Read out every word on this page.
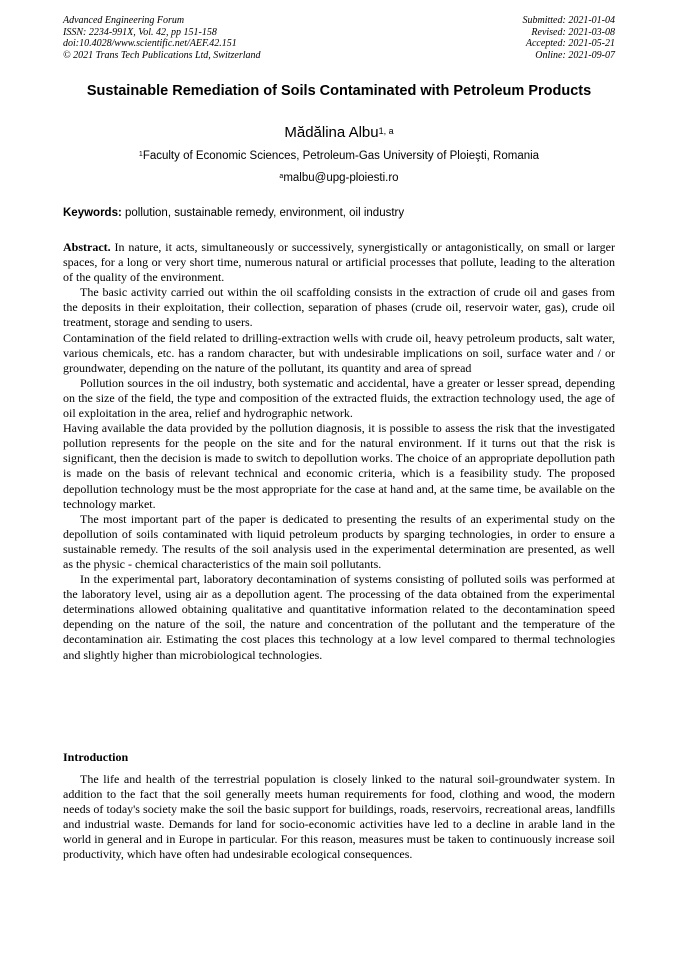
Advanced Engineering Forum
ISSN: 2234-991X, Vol. 42, pp 151-158
doi:10.4028/www.scientific.net/AEF.42.151
© 2021 Trans Tech Publications Ltd, Switzerland
Submitted: 2021-01-04
Revised: 2021-03-08
Accepted: 2021-05-21
Online: 2021-09-07
Sustainable Remediation of Soils Contaminated with Petroleum Products
Mădălina Albu$^{1, a}$
$^1$Faculty of Economic Sciences, Petroleum-Gas University of Ploieşti, Romania
$^a$malbu@upg-ploiesti.ro
Keywords: pollution, sustainable remedy, environment, oil industry

Abstract. In nature, it acts, simultaneously or successively, synergistically or antagonistically, on small or larger spaces, for a long or very short time, numerous natural or artificial processes that pollute, leading to the alteration of the quality of the environment.

The basic activity carried out within the oil scaffolding consists in the extraction of crude oil and gases from the deposits in their exploitation, their collection, separation of phases (crude oil, reservoir water, gas), crude oil treatment, storage and sending to users.

Contamination of the field related to drilling-extraction wells with crude oil, heavy petroleum products, salt water, various chemicals, etc. has a random character, but with undesirable implications on soil, surface water and / or groundwater, depending on the nature of the pollutant, its quantity and area of spread

Pollution sources in the oil industry, both systematic and accidental, have a greater or lesser spread, depending on the size of the field, the type and composition of the extracted fluids, the extraction technology used, the age of oil exploitation in the area, relief and hydrographic network.

Having available the data provided by the pollution diagnosis, it is possible to assess the risk that the investigated pollution represents for the people on the site and for the natural environment. If it turns out that the risk is significant, then the decision is made to switch to depollution works. The choice of an appropriate depollution path is made on the basis of relevant technical and economic criteria, which is a feasibility study. The proposed depollution technology must be the most appropriate for the case at hand and, at the same time, be available on the technology market.

The most important part of the paper is dedicated to presenting the results of an experimental study on the depollution of soils contaminated with liquid petroleum products by sparging technologies, in order to ensure a sustainable remedy. The results of the soil analysis used in the experimental determination are presented, as well as the physic - chemical characteristics of the main soil pollutants.

In the experimental part, laboratory decontamination of systems consisting of polluted soils was performed at the laboratory level, using air as a depollution agent. The processing of the data obtained from the experimental determinations allowed obtaining qualitative and quantitative information related to the decontamination speed depending on the nature of the soil, the nature and concentration of the pollutant and the temperature of the decontamination air. Estimating the cost places this technology at a low level compared to thermal technologies and slightly higher than microbiological technologies.

Introduction

The life and health of the terrestrial population is closely linked to the natural soil-groundwater system. In addition to the fact that the soil generally meets human requirements for food, clothing and wood, the modern needs of today's society make the soil the basic support for buildings, roads, reservoirs, recreational areas, landfills and industrial waste. Demands for land for socio-economic activities have led to a decline in arable land in the world in general and in Europe in particular. For this reason, measures must be taken to continuously increase soil productivity, which have often had undesirable ecological consequences.
